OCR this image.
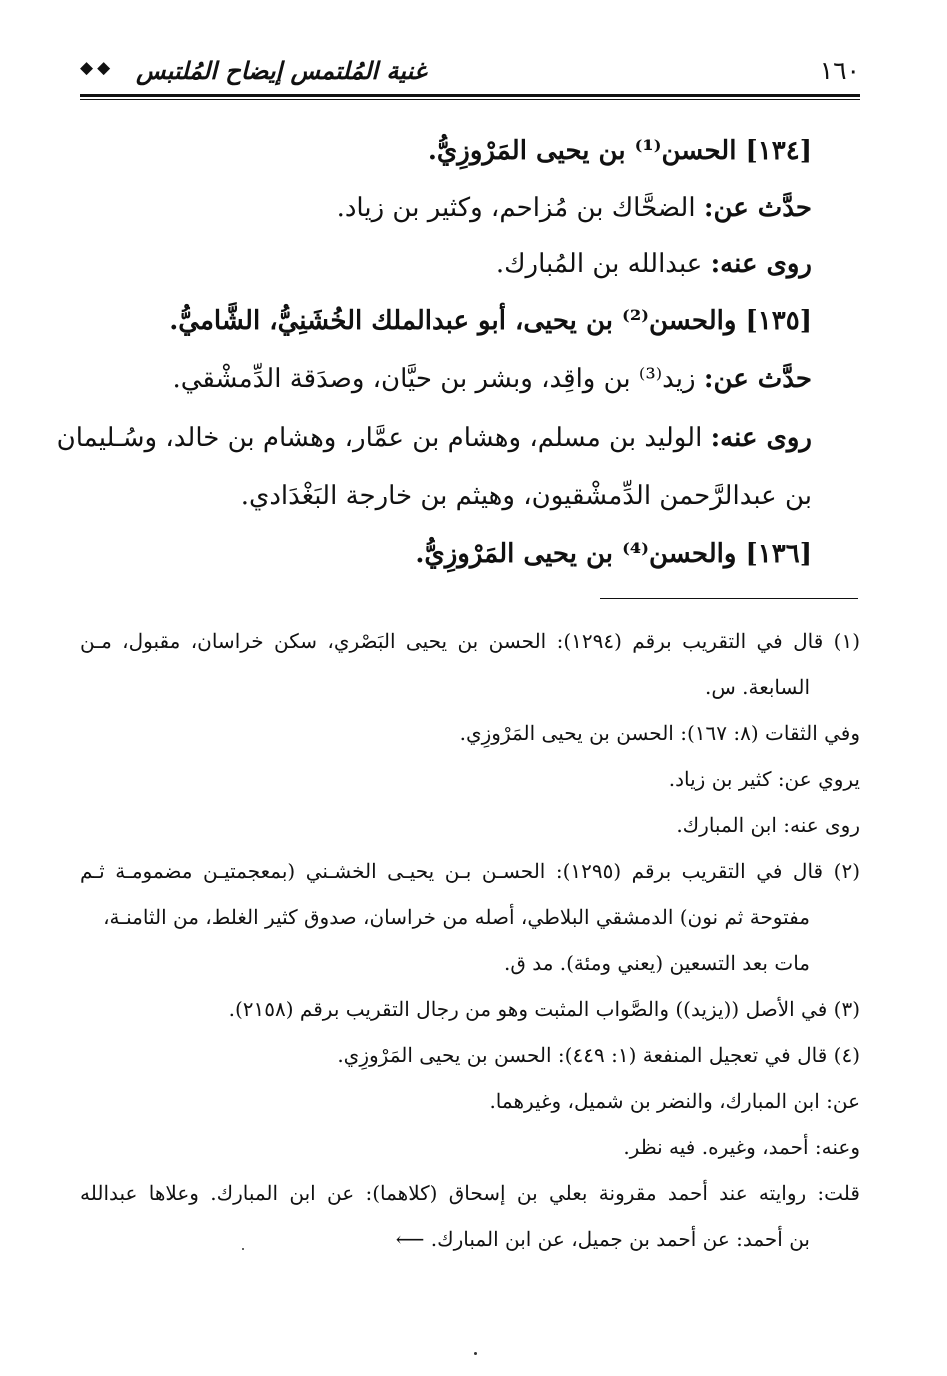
١٦٠
غنية المُلتمس إيضاح المُلتبس
◆◆
[١٣٤] الحسن⁽¹⁾ بن يحيى المَرْوزِيُّ.
حدَّث عن: الضحَّاك بن مُزاحم، وكثير بن زياد.
روى عنه: عبدالله بن المُبارك.
[١٣٥] والحسن⁽²⁾ بن يحيى، أبو عبدالملك الخُشَنِيُّ، الشَّاميُّ.
حدَّث عن: زيد⁽³⁾ بن واقِد، وبشر بن حيَّان، وصدَقة الدِّمشْقي.
روى عنه: الوليد بن مسلم، وهشام بن عمَّار، وهشام بن خالد، وسُـليمان
بن عبدالرَّحمن الدِّمشْقيون، وهيثم بن خارجة البَغْدَادي.
[١٣٦] والحسن⁽⁴⁾ بن يحيى المَرْوزِيُّ.
(١) قال في التقريب برقم (١٢٩٤): الحسن بن يحيى البَصْري، سكن خراسان، مقبول، مـن
السابعة. س.
وفي الثقات (٨: ١٦٧): الحسن بن يحيى المَرْوزِي.
يروي عن: كثير بن زياد.
روى عنه: ابن المبارك.
(٢) قال في التقريب برقم (١٢٩٥): الحسـن بـن يحيـى الخشـني (بمعجمتيـن مضمومـة ثـم
مفتوحة ثم نون) الدمشقي البلاطي، أصله من خراسان، صدوق كثير الغلط، من الثامنـة،
مات بعد التسعين (يعني ومئة). مد ق.
(٣) في الأصل ((يزيد)) والصَّواب المثبت وهو من رجال التقريب برقم (٢١٥٨).
(٤) قال في تعجيل المنفعة (١: ٤٤٩): الحسن بن يحيى المَرْوزِي.
عن: ابن المبارك، والنضر بن شميل، وغيرهما.
وعنه: أحمد، وغيره. فيه نظر.
قلت: روايته عند أحمد مقرونة بعلي بن إسحاق (كلاهما): عن ابن المبارك. وعلاها عبدالله
بن أحمد: عن أحمد بن جميل، عن ابن المبارك. ⟵
